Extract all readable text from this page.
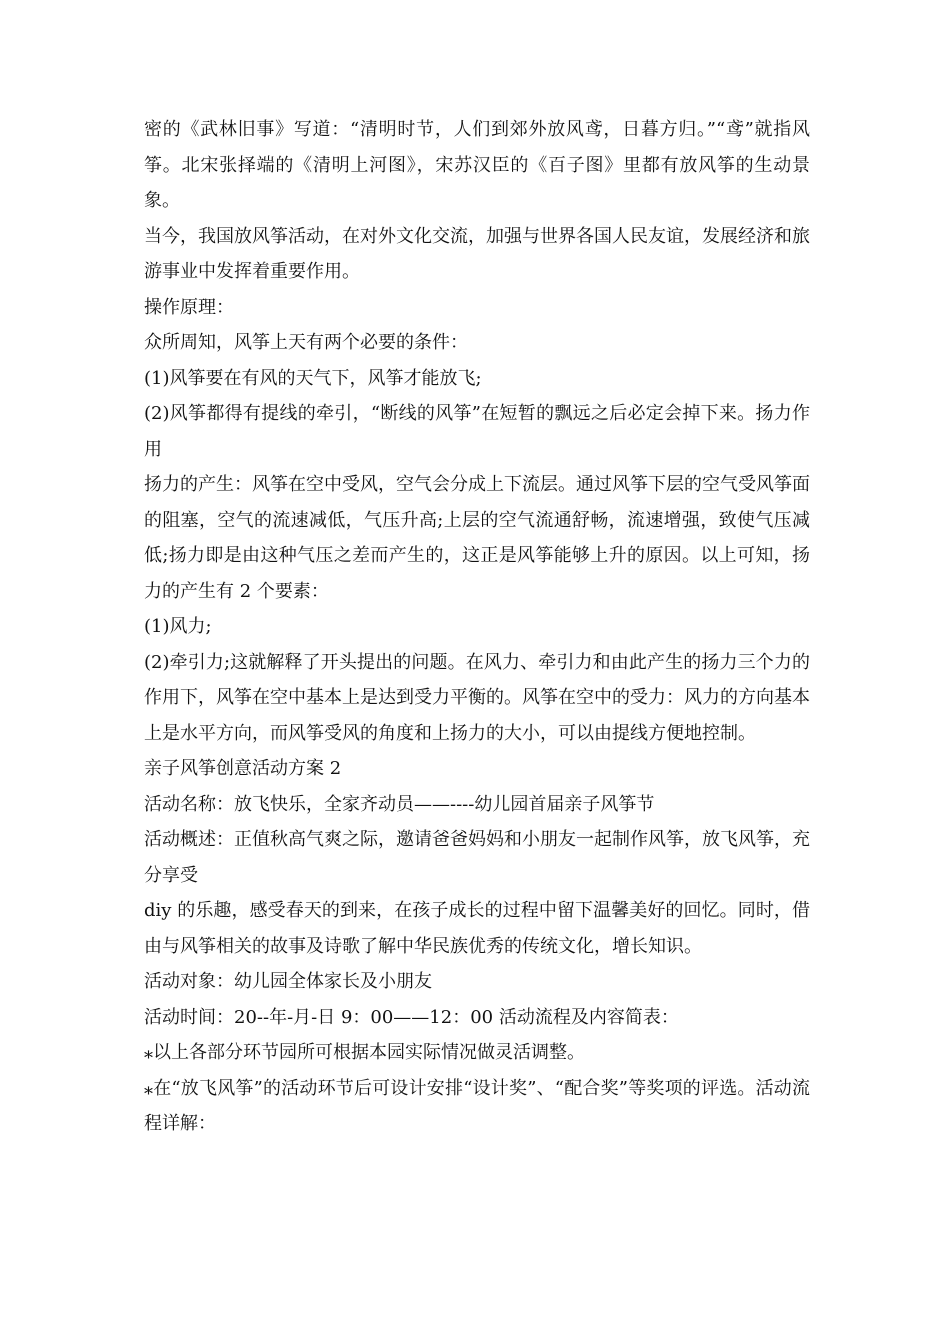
密的《武林旧事》写道：“清明时节，人们到郊外放风鸢，日暮方归。”“鸢”就指风筝。北宋张择端的《清明上河图》，宋苏汉臣的《百子图》里都有放风筝的生动景象。

当今，我国放风筝活动，在对外文化交流，加强与世界各国人民友谊，发展经济和旅游事业中发挥着重要作用。

操作原理：

众所周知，风筝上天有两个必要的条件：

(1)风筝要在有风的天气下，风筝才能放飞;

(2)风筝都得有提线的牵引，“断线的风筝”在短暂的飘远之后必定会掉下来。扬力作用

扬力的产生：风筝在空中受风，空气会分成上下流层。通过风筝下层的空气受风筝面的阻塞，空气的流速减低，气压升高;上层的空气流通舒畅，流速增强，致使气压减低;扬力即是由这种气压之差而产生的，这正是风筝能够上升的原因。以上可知，扬力的产生有 2 个要素：

(1)风力;

(2)牵引力;这就解释了开头提出的问题。在风力、牵引力和由此产生的扬力三个力的作用下，风筝在空中基本上是达到受力平衡的。风筝在空中的受力：风力的方向基本上是水平方向，而风筝受风的角度和上扬力的大小，可以由提线方便地控制。

亲子风筝创意活动方案 2

活动名称：放飞快乐，全家齐动员——----幼儿园首届亲子风筝节

活动概述：正值秋高气爽之际，邀请爸爸妈妈和小朋友一起制作风筝，放飞风筝，充分享受

diy 的乐趣，感受春天的到来，在孩子成长的过程中留下温馨美好的回忆。同时，借由与风筝相关的故事及诗歌了解中华民族优秀的传统文化，增长知识。

活动对象：幼儿园全体家长及小朋友

活动时间：20--年-月-日 9：00——12：00 活动流程及内容简表：

⁎以上各部分环节园所可根据本园实际情况做灵活调整。

⁎在“放飞风筝”的活动环节后可设计安排“设计奖”、“配合奖”等奖项的评选。活动流程详解：
